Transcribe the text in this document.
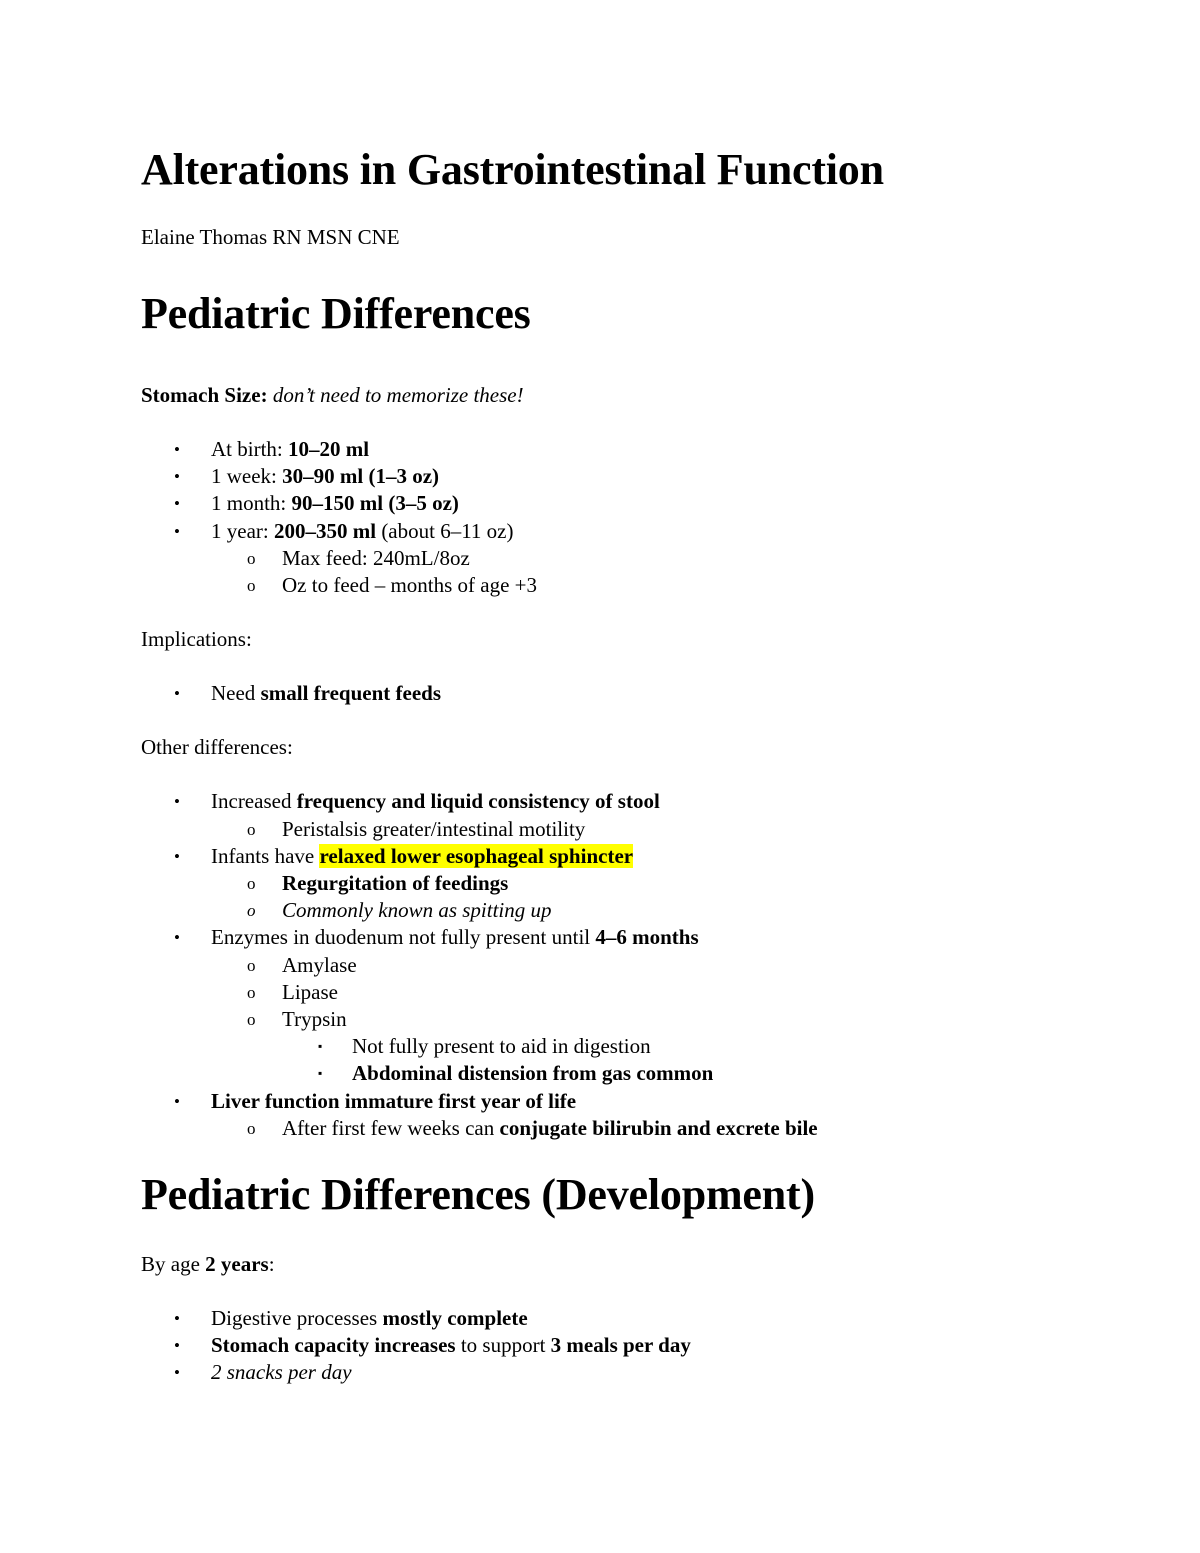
Alterations in Gastrointestinal Function

Elaine Thomas RN MSN CNE

Pediatric Differences

Stomach Size: don’t need to memorize these!

• At birth: 10–20 ml
• 1 week: 30–90 ml (1–3 oz)
• 1 month: 90–150 ml (3–5 oz)
• 1 year: 200–350 ml (about 6–11 oz)
o Max feed: 240mL/8oz
o Oz to feed – months of age +3

Implications:

• Need small frequent feeds

Other differences:

• Increased frequency and liquid consistency of stool
o Peristalsis greater/intestinal motility
• Infants have relaxed lower esophageal sphincter
o Regurgitation of feedings
o Commonly known as spitting up
• Enzymes in duodenum not fully present until 4–6 months
o Amylase
o Lipase
o Trypsin
▪ Not fully present to aid in digestion
▪ Abdominal distension from gas common
• Liver function immature first year of life
o After first few weeks can conjugate bilirubin and excrete bile
Pediatric Differences (Development)

By age 2 years:

• Digestive processes mostly complete
• Stomach capacity increases to support 3 meals per day
• 2 snacks per day
